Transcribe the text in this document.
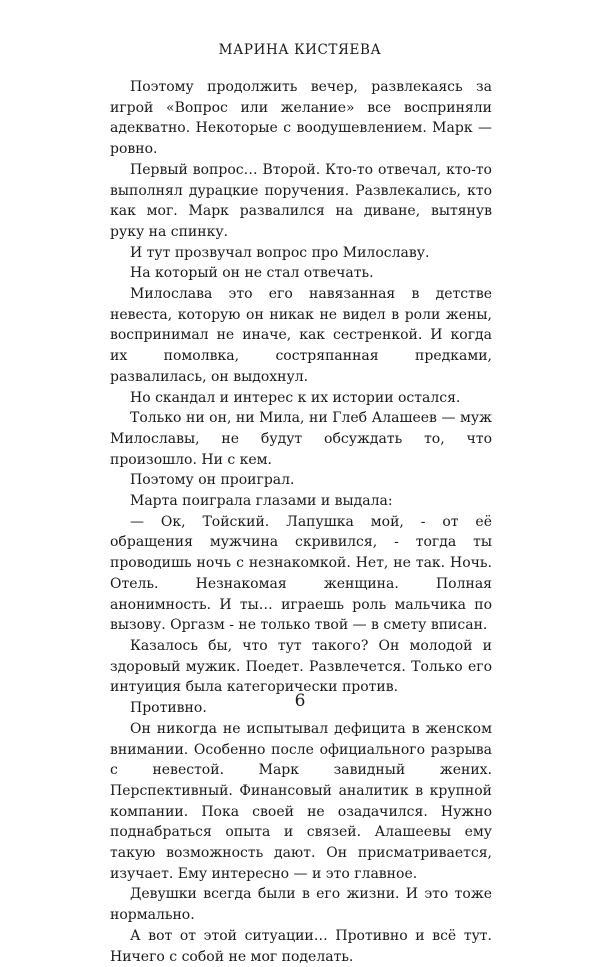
МАРИНА КИСТЯЕВА

Поэтому продолжить вечер, развлекаясь за игрой «Вопрос или желание» все восприняли адекватно. Некоторые с воодушевлением. Марк — ровно.

Первый вопрос… Второй. Кто-то отвечал, кто-то выполнял дурацкие поручения. Развлекались, кто как мог. Марк развалился на диване, вытянув руку на спинку.

И тут прозвучал вопрос про Милославу.

На который он не стал отвечать.

Милослава это его навязанная в детстве невеста, которую он никак не видел в роли жены, воспринимал не иначе, как сестренкой. И когда их помолвка, состряпанная предками, развалилась, он выдохнул.

Но скандал и интерес к их истории остался.

Только ни он, ни Мила, ни Глеб Алашеев — муж Милославы, не будут обсуждать то, что произошло. Ни с кем.

Поэтому он проиграл.

Марта поиграла глазами и выдала:

— Ок, Тойский. Лапушка мой, - от её обращения мужчина скривился, - тогда ты проводишь ночь с незнакомкой. Нет, не так. Ночь. Отель. Незнакомая женщина. Полная анонимность. И ты… играешь роль мальчика по вызову. Оргазм - не только твой — в смету вписан.

Казалось бы, что тут такого? Он молодой и здоровый мужик. Поедет. Развлечется. Только его интуиция была категорически против.

Противно.

Он никогда не испытывал дефицита в женском внимании. Особенно после официального разрыва с невестой. Марк завидный жених. Перспективный. Финансовый аналитик в крупной компании. Пока своей не озадачился. Нужно поднабраться опыта и связей. Алашеевы ему такую возможность дают. Он присматривается, изучает. Ему интересно — и это главное.

Девушки всегда были в его жизни. И это тоже нормально.

А вот от этой ситуации… Противно и всё тут. Ничего с собой не мог поделать.

6
